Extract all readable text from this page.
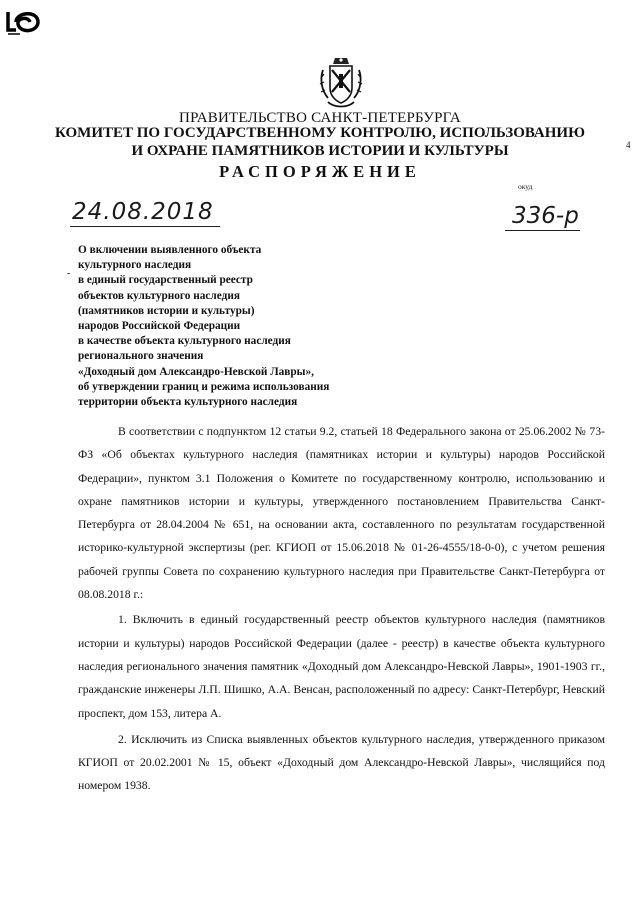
ПРАВИТЕЛЬСТВО САНКТ-ПЕТЕРБУРГА
КОМИТЕТ ПО ГОСУДАРСТВЕННОМУ КОНТРОЛЮ, ИСПОЛЬЗОВАНИЮ
И ОХРАНЕ ПАМЯТНИКОВ ИСТОРИИ И КУЛЬТУРЫ
РАСПОРЯЖЕНИЕ
окуд
4
24.08.2018	336-р
-
О включении выявленного объекта
культурного наследия
в единый государственный реестр
объектов культурного наследия
(памятников истории и культуры)
народов Российской Федерации
в качестве объекта культурного наследия
регионального значения
«Доходный дом Александро-Невской Лавры»,
об утверждении границ и режима использования
территории объекта культурного наследия

В соответствии с подпунктом 12 статьи 9.2, статьей 18 Федерального закона от 25.06.2002 № 73-ФЗ «Об объектах культурного наследия (памятниках истории и культуры) народов Российской Федерации», пунктом 3.1 Положения о Комитете по государственному контролю, использованию и охране памятников истории и культуры, утвержденного постановлением Правительства Санкт-Петербурга от 28.04.2004 № 651, на основании акта, составленного по результатам государственной историко-культурной экспертизы (рег. КГИОП от 15.06.2018 № 01-26-4555/18-0-0), с учетом решения рабочей группы Совета по сохранению культурного наследия при Правительстве Санкт-Петербурга от 08.08.2018 г.:

1. Включить в единый государственный реестр объектов культурного наследия (памятников истории и культуры) народов Российской Федерации (далее - реестр) в качестве объекта культурного наследия регионального значения памятник «Доходный дом Александро-Невской Лавры», 1901-1903 гг., гражданские инженеры Л.П. Шишко, А.А. Венсан, расположенный по адресу: Санкт-Петербург, Невский проспект, дом 153, литера А.

2. Исключить из Списка выявленных объектов культурного наследия, утвержденного приказом КГИОП от 20.02.2001 № 15, объект «Доходный дом Александро-Невской Лавры», числящийся под номером 1938.
